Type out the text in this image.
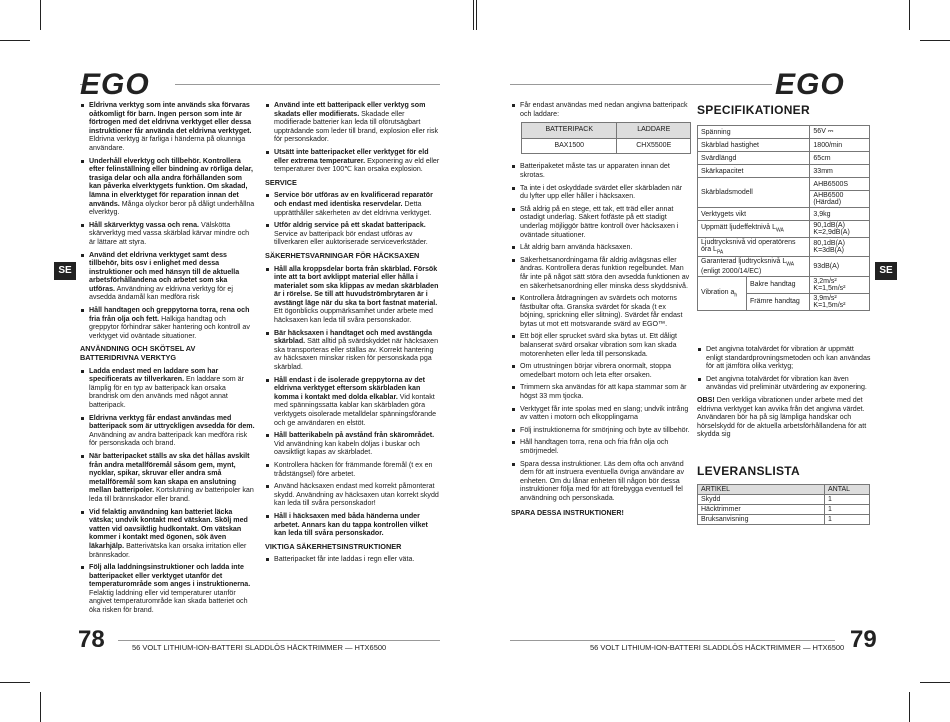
EGO	EGO
SE	SE
Eldrivna verktyg som inte används ska förvaras oåtkomligt för barn. Ingen person som inte är förtrogen med det eldrivna verktyget eller dessa instruktioner får använda det eldrivna verktyget. Eldrivna verktyg är farliga i händerna på okunniga användare.
Underhåll elverktyg och tillbehör. Kontrollera efter felinställning eller bindning av rörliga delar, trasiga delar och alla andra förhållanden som kan påverka elverktygets funktion. Om skadad, lämna in elverktyget för reparation innan det används. Många olyckor beror på dåligt underhållna elverktyg.
Håll skärverktyg vassa och rena. Välskötta skärverktyg med vassa skärblad kärvar mindre och är lättare att styra.
Använd det eldrivna verktyget samt dess tillbehör, bits osv i enlighet med dessa instruktioner och med hänsyn till de aktuella arbetsförhållandena och arbetet som ska utföras. Användning av eldrivna verktyg för ej avsedda ändamål kan medföra risk
Håll handtagen och greppytorna torra, rena och fria från olja och fett. Halkiga handtag och greppytor förhindrar säker hantering och kontroll av verktyget vid oväntade situationer.
ANVÄNDNING OCH SKÖTSEL AV BATTERIDRIVNA VERKTYG
Ladda endast med en laddare som har specificerats av tillverkaren. En laddare som är lämplig för en typ av batteripack kan orsaka brandrisk om den används med något annat batteripack.
Eldrivna verktyg får endast användas med batteripack som är uttryckligen avsedda för dem. Användning av andra batteripack kan medföra risk för personskada och brand.
När batteripacket ställs av ska det hållas avskilt från andra metallföremål såsom gem, mynt, nycklar, spikar, skruvar eller andra små metallföremål som kan skapa en anslutning mellan batteripoler. Kortslutning av batteripoler kan leda till brännskador eller brand.
Vid felaktig användning kan batteriet läcka vätska; undvik kontakt med vätskan. Skölj med vatten vid oavsiktlig hudkontakt. Om vätskan kommer i kontakt med ögonen, sök även läkarhjälp. Batterivätska kan orsaka irritation eller brännskador.
Följ alla laddningsinstruktioner och ladda inte batteripacket eller verktyget utanför det temperaturområde som anges i instruktionerna. Felaktig laddning eller vid temperaturer utanför angivet temperaturområde kan skada batteriet och öka risken för brand.
Använd inte ett batteripack eller verktyg som skadats eller modifierats. Skadade eller modifierade batterier kan leda till oförutsägbart uppträdande som leder till brand, explosion eller risk för personskador.
Utsätt inte batteripacket eller verktyget för eld eller extrema temperaturer. Exponering av eld eller temperaturer över 100℃ kan orsaka explosion.
SERVICE
Service bör utföras av en kvalificerad reparatör och endast med identiska reservdelar. Detta upprätthåller säkerheten av det eldrivna verktyget.
Utför aldrig service på ett skadat batteripack. Service av batteripack bör endast utföras av tillverkaren eller auktoriserade serviceverkstäder.
SÄKERHETSVARNINGAR FÖR HÄCKSAXEN
Håll alla kroppsdelar borta från skärblad. Försök inte att ta bort avklippt material eller hålla i materialet som ska klippas av medan skärbladen är i rörelse. Se till att huvudströmbrytaren är i avstängt läge när du ska ta bort fastnat material. Ett ögonblicks ouppmärksamhet under arbete med häcksaxen kan leda till svåra personskador.
Bär häcksaxen i handtaget och med avstängda skärblad. Sätt alltid på svärdskyddet när häcksaxen ska transporteras eller ställas av. Korrekt hantering av häcksaxen minskar risken för personskada pga skärblad.
Håll endast i de isolerade greppytorna av det eldrivna verktyget eftersom skärbladen kan komma i kontakt med dolda elkablar. Vid kontakt med spänningssatta kablar kan skärbladen göra verktygets oisolerade metalldelar spänningsförande och ge användaren en elstöt.
Håll batterikabeln på avstånd från skärområdet. Vid användning kan kabeln döljas i buskar och oavsiktligt kapas av skärbladet.
Kontrollera häcken för främmande föremål (t ex en trådstängsel) före arbetet.
Använd häcksaxen endast med korrekt påmonterat skydd. Användning av häcksaxen utan korrekt skydd kan leda till svåra personskador!
Håll i häcksaxen med båda händerna under arbetet. Annars kan du tappa kontrollen vilket kan leda till svåra personskador.
VIKTIGA SÄKERHETSINSTRUKTIONER
Batteripacket får inte laddas i regn eller väta.
Får endast användas med nedan angivna batteripack och laddare:
BATTERIPACK	LADDARE
BAX1500	CHX5500E
Batteripaketet måste tas ur apparaten innan det skrotas.
Ta inte i det oskyddade svärdet eller skärbladen när du lyfter upp eller håller i häcksaxen.
Stå aldrig på en stege, ett tak, ett träd eller annat ostadigt underlag. Säkert fotfäste på ett stadigt underlag möjliggör bättre kontroll över häcksaxen i oväntade situationer.
Låt aldrig barn använda häcksaxen.
Säkerhetsanordningarna får aldrig avlägsnas eller ändras. Kontrollera deras funktion regelbundet. Man får inte på något sätt störa den avsedda funktionen av en säkerhetsanordning eller minska dess skyddsnivå.
Kontrollera åtdragningen av svärdets och motorns fästbultar ofta. Granska svärdet för skada (t ex böjning, sprickning eller slitning). Svärdet får endast bytas ut mot ett motsvarande svärd av EGO™.
Ett böjt eller sprucket svärd ska bytas ut. Ett dåligt balanserat svärd orsakar vibration som kan skada motorenheten eller leda till personskada.
Om utrustningen börjar vibrera onormalt, stoppa omedelbart motorn och leta efter orsaken.
Trimmern ska användas för att kapa stammar som är högst 33 mm tjocka.
Verktyget får inte spolas med en slang; undvik intrång av vatten i motorn och elkopplingarna
Följ instruktionerna för smörjning och byte av tillbehör.
Håll handtagen torra, rena och fria från olja och smörjmedel.
Spara dessa instruktioner. Läs dem ofta och använd dem för att instruera eventuella övriga användare av enheten. Om du lånar enheten till någon bör dessa instruktioner följa med för att förebygga eventuell fel användning och personskada.
SPARA DESSA INSTRUKTIONER!
SPECIFIKATIONER
Spänning		56V ⎓
Skärblad hastighet		1800/min
Svärdlängd		65cm
Skärkapacitet		33mm
Skärbladsmodell		AHB6500S
		AHB6500 (Härdad)
Verktygets vikt		3,9kg
Uppmätt ljudeffektnivå $L_{WA}$		90,1dB(A)
K=2,9dB(A)

Ljudtrycksnivå vid operatörens öra $L_{PA}$		80,1dB(A)
K=3dB(A)

Garanterad ljudtrycksnivå $L_{WA}$
(enligt 2000/14/EC)		93dB(A)
Vibration $a_h$	Bakre handtag	3,2m/s²
K=1,5m/s²

	Främre handtag	3,9m/s²
K=1,5m/s²
Det angivna totalvärdet för vibration är uppmätt enligt standardprovningsmetoden och kan användas för att jämföra olika verktyg;
Det angivna totalvärdet för vibration kan även användas vid preliminär utvärdering av exponering.
OBS! Den verkliga vibrationen under arbete med det eldrivna verktyget kan avvika från det angivna värdet. Användaren bör ha på sig lämpliga handskar och hörselskydd för de aktuella arbetsförhållandena för att skydda sig
LEVERANSLISTA
ARTIKEL	ANTAL
Skydd	1
Häcktrimmer	1
Bruksanvisning	1
78	56 VOLT LITHIUM-ION-BATTERI SLADDLÖS HÄCKTRIMMER — HTX6500	56 VOLT LITHIUM-ION-BATTERI SLADDLÖS HÄCKTRIMMER — HTX6500 79
